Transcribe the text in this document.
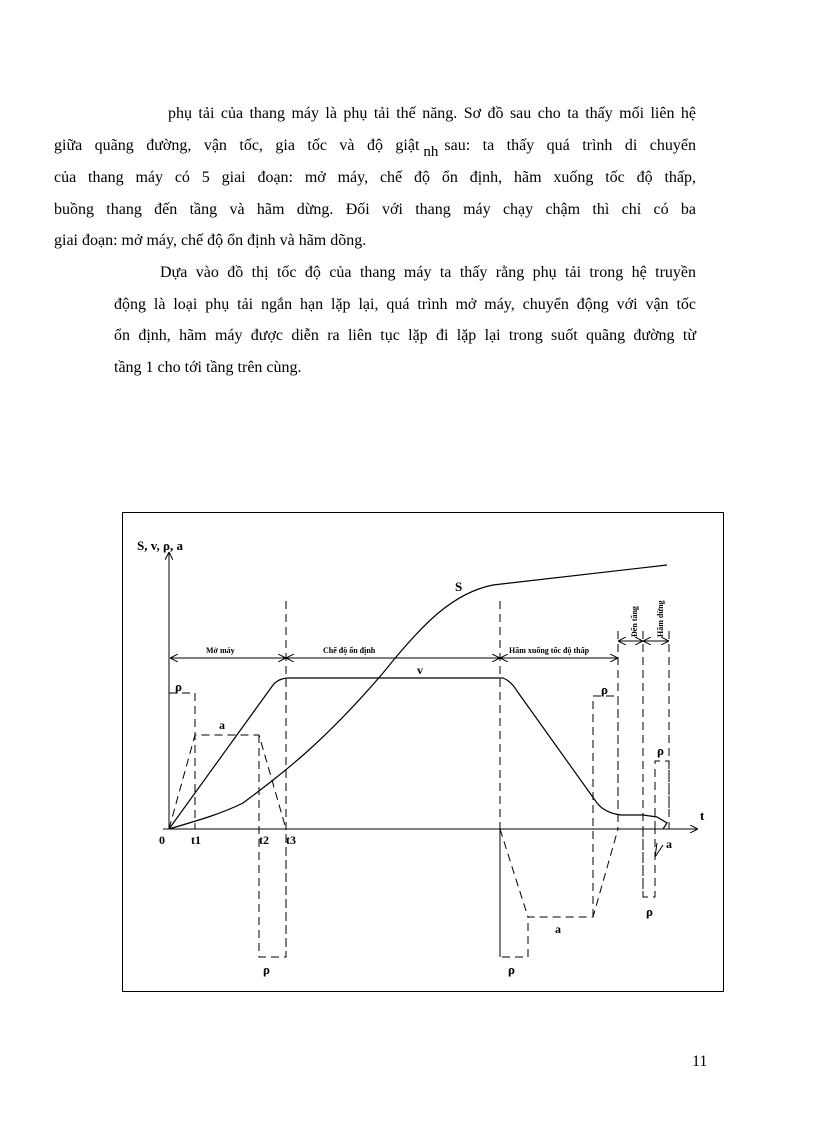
phụ tải của thang máy là phụ tải thế năng. Sơ đồ sau cho ta thấy mối liên hệ
giữa quãng đường, vận tốc, gia tốc và độ giật nh sau: ta thấy quá trình di chuyển
của thang máy có 5 giai đoạn: mở máy, chế độ ổn định, hãm xuống tốc độ thấp,
buồng thang đến tầng và hãm dừng. Đối với thang máy chạy chậm thì chỉ có ba
giai đoạn: mở máy, chế độ ổn định và hãm dõng.
Dựa vào đồ thị tốc độ của thang máy ta thấy rằng phụ tải trong hệ truyền
động là loại phụ tải ngắn hạn lặp lại, quá trình mở máy, chuyển động với vận tốc
ổn định, hãm máy được diễn ra liên tục lặp đi lặp lại trong suốt quãng đường từ
tầng 1 cho tới tầng trên cùng.
S, v, ρ, a
t
0 t1	t2 t3
S
v
a
a
a
ρ
ρ	ρ
ρ
ρ
ρ
Mở máy	Chế độ ổn định	Hãm xuống tốc độ thấp
Đến tầng Hãm dừng
11
